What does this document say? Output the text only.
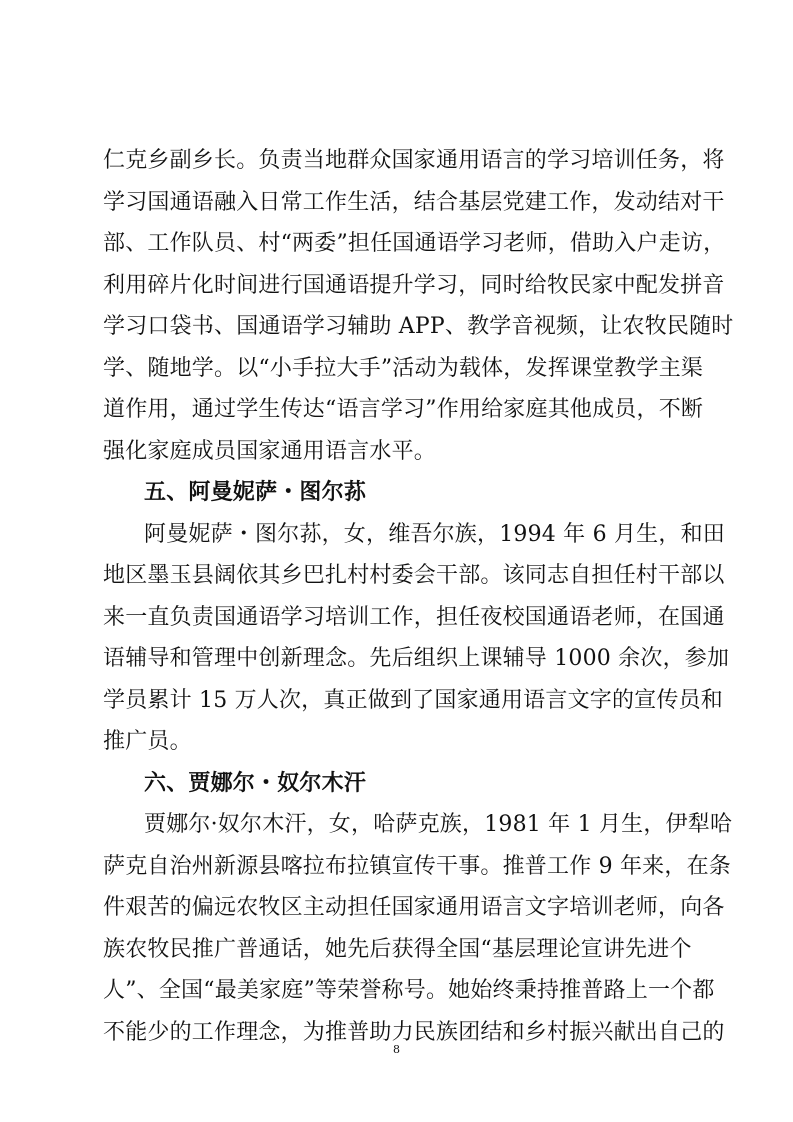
仁克乡副乡长。负责当地群众国家通用语言的学习培训任务，将
学习国通语融入日常工作生活，结合基层党建工作，发动结对干
部、工作队员、村“两委”担任国通语学习老师，借助入户走访，
利用碎片化时间进行国通语提升学习，同时给牧民家中配发拼音
学习口袋书、国通语学习辅助 APP、教学音视频，让农牧民随时
学、随地学。以“小手拉大手”活动为载体，发挥课堂教学主渠
道作用，通过学生传达“语言学习”作用给家庭其他成员，不断
强化家庭成员国家通用语言水平。
五、阿曼妮萨・图尔荪
阿曼妮萨・图尔荪，女，维吾尔族，1994 年 6 月生，和田
地区墨玉县阔依其乡巴扎村村委会干部。该同志自担任村干部以
来一直负责国通语学习培训工作，担任夜校国通语老师，在国通
语辅导和管理中创新理念。先后组织上课辅导 1000 余次，参加
学员累计 15 万人次，真正做到了国家通用语言文字的宣传员和
推广员。
六、贾娜尔・奴尔木汗
贾娜尔·奴尔木汗，女，哈萨克族，1981 年 1 月生，伊犁哈
萨克自治州新源县喀拉布拉镇宣传干事。推普工作 9 年来，在条
件艰苦的偏远农牧区主动担任国家通用语言文字培训老师，向各
族农牧民推广普通话，她先后获得全国“基层理论宣讲先进个
人”、全国“最美家庭”等荣誉称号。她始终秉持推普路上一个都
不能少的工作理念，为推普助力民族团结和乡村振兴献出自己的
8
